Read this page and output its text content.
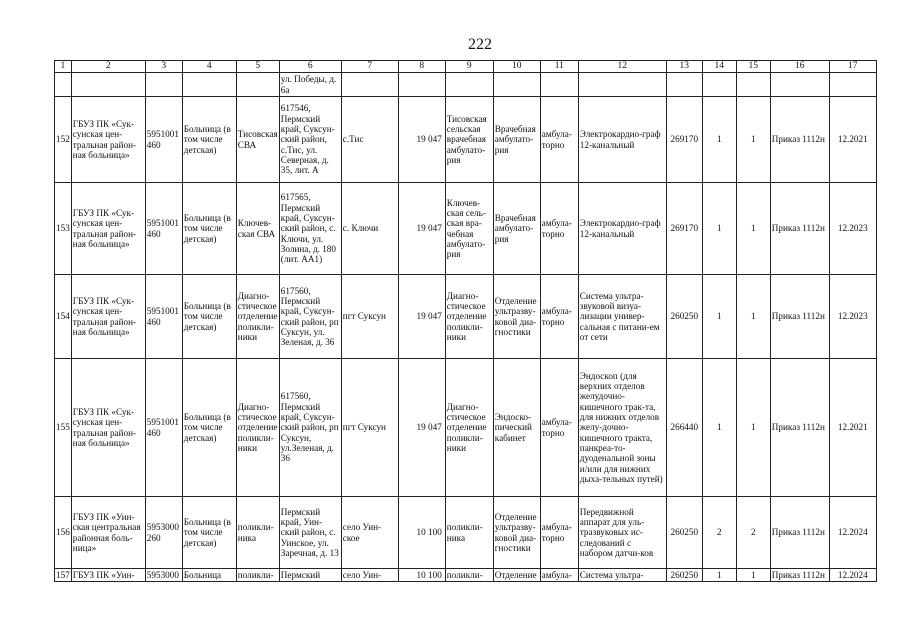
222
1	2	3	4	5	6	7	8	9	10	11	12	13	14	15	16	17
					ул. Победы, д. 6а											
152	ГБУЗ ПК «Сук-сунская цен-тральная район-ная больница»	5951001 460	Больница (в том числе детская)	Тисовская СВА	617546, Пермский край, Суксун-ский район, с.Тис, ул. Северная, д. 35, лит. А	с.Тис	19 047	Тисовская сельская врачебная амбулато-рия	Врачебная амбулато-рия	амбула-торно	Электрокардио-граф 12-канальный	269170	1	1	Приказ 1112н	12.2021
153	ГБУЗ ПК «Сук-сунская цен-тральная район-ная больница»	5951001 460	Больница (в том числе детская)	Ключев-ская СВА	617565, Пермский край, Суксун-ский район, с. Ключи, ул. Золина, д. 180 (лит. АА1)	с. Ключи	19 047	Ключев-ская сель-ская вра-чебная амбулато-рия	Врачебная амбулато-рия	амбула-торно	Электрокардио-граф 12-канальный	269170	1	1	Приказ 1112н	12.2023
154	ГБУЗ ПК «Сук-сунская цен-тральная район-ная больница»	5951001 460	Больница (в том числе детская)	Диагно-стическое отделение поликли-ники	617560, Пермский край, Суксун-ский район, рп Суксун, ул. Зеленая, д. 36	пгт Суксун	19 047	Диагно-стическое отделение поликли-ники	Отделение ультразву-ковой диа-гностики	амбула-торно	Система ультра-звуковой визуа-лизации универ-сальная с питани-ем от сети	260250	1	1	Приказ 1112н	12.2023
155	ГБУЗ ПК «Сук-сунская цен-тральная район-ная больница»	5951001 460	Больница (в том числе детская)	Диагно-стическое отделение поликли-ники	617560, Пермский край, Суксун-ский район, рп Суксун, ул.Зеленая, д. 36	пгт Суксун	19 047	Диагно-стическое отделение поликли-ники	Эндоско-пический кабинет	амбула-торно	Эндоскоп (для верхних отделов желудочно-кишечного трак-та, для нижних отделов желу-дочно-кишечного тракта, панкреа-то-дуоденальной зоны и/или для нижних дыха-тельных путей)	266440	1	1	Приказ 1112н	12.2021
156	ГБУЗ ПК «Уин-ская центральная районная боль-ница»	5953000 260	Больница (в том числе детская)	поликли-ника	Пермский край, Уин-ский район, с. Уинское, ул. Заречная, д. 13	село Уин-ское	10 100	поликли-ника	Отделение ультразву-ковой диа-гностики	амбула-торно	Передвижной аппарат для уль-тразвуковых ис-следований с набором датчи-ков	260250	2	2	Приказ 1112н	12.2024
157	ГБУЗ ПК «Уин-	5953000	Больница	поликли-	Пермский	село Уин-	10 100	поликли-	Отделение	амбула-	Система ультра-	260250	1	1	Приказ 1112н	12.2024
